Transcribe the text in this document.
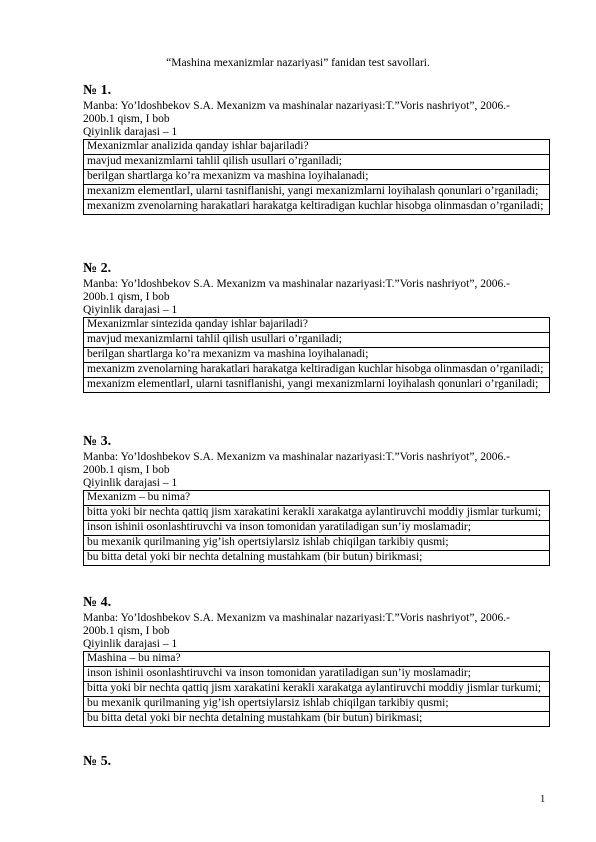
“Mashina mexanizmlar nazariyasi” fanidan test savollari.
№ 1.
Manba: Yo’ldoshbekov S.A. Mexanizm va mashinalar nazariyasi:T.”Voris nashriyot”, 2006.-
200b.1 qism, I bob
Qiyinlik darajasi – 1
Mexanizmlar analizida qanday ishlar bajariladi?
mavjud mexanizmlarni tahlil qilish usullari o’rganiladi;
berilgan shartlarga ko’ra mexanizm va mashina loyihalanadi;
mexanizm elementlarI, ularni tasniflanishi, yangi mexanizmlarni loyihalash qonunlari o’rganiladi;
mexanizm zvenolarning harakatlari harakatga keltiradigan kuchlar hisobga olinmasdan o’rganiladi;
№ 2.
Manba: Yo’ldoshbekov S.A. Mexanizm va mashinalar nazariyasi:T.”Voris nashriyot”, 2006.-
200b.1 qism, I bob
Qiyinlik darajasi – 1
Mexanizmlar sintezida qanday ishlar bajariladi?
mavjud mexanizmlarni tahlil qilish usullari o’rganiladi;
berilgan shartlarga ko’ra mexanizm va mashina loyihalanadi;
mexanizm zvenolarning harakatlari harakatga keltiradigan kuchlar hisobga olinmasdan o’rganiladi;
mexanizm elementlarI, ularni tasniflanishi, yangi mexanizmlarni loyihalash qonunlari o’rganiladi;
№ 3.
Manba: Yo’ldoshbekov S.A. Mexanizm va mashinalar nazariyasi:T.”Voris nashriyot”, 2006.-
200b.1 qism, I bob
Qiyinlik darajasi – 1
Mexanizm – bu nima?
bitta yoki bir nechta qattiq jism xarakatini kerakli xarakatga aylantiruvchi moddiy jismlar turkumi;
inson ishinii osonlashtiruvchi va inson tomonidan yaratiladigan sun’iy moslamadir;
bu mexanik qurilmaning yig’ish opertsiylarsiz ishlab chiqilgan tarkibiy qusmi;
bu bitta detal yoki bir nechta detalning mustahkam (bir butun) birikmasi;
№ 4.
Manba: Yo’ldoshbekov S.A. Mexanizm va mashinalar nazariyasi:T.”Voris nashriyot”, 2006.-
200b.1 qism, I bob
Qiyinlik darajasi – 1
Mashina – bu nima?
inson ishinii osonlashtiruvchi va inson tomonidan yaratiladigan sun’iy moslamadir;
bitta yoki bir nechta qattiq jism xarakatini kerakli xarakatga aylantiruvchi moddiy jismlar turkumi;
bu mexanik qurilmaning yig’ish opertsiylarsiz ishlab chiqilgan tarkibiy qusmi;
bu bitta detal yoki bir nechta detalning mustahkam (bir butun) birikmasi;
№ 5.
1
